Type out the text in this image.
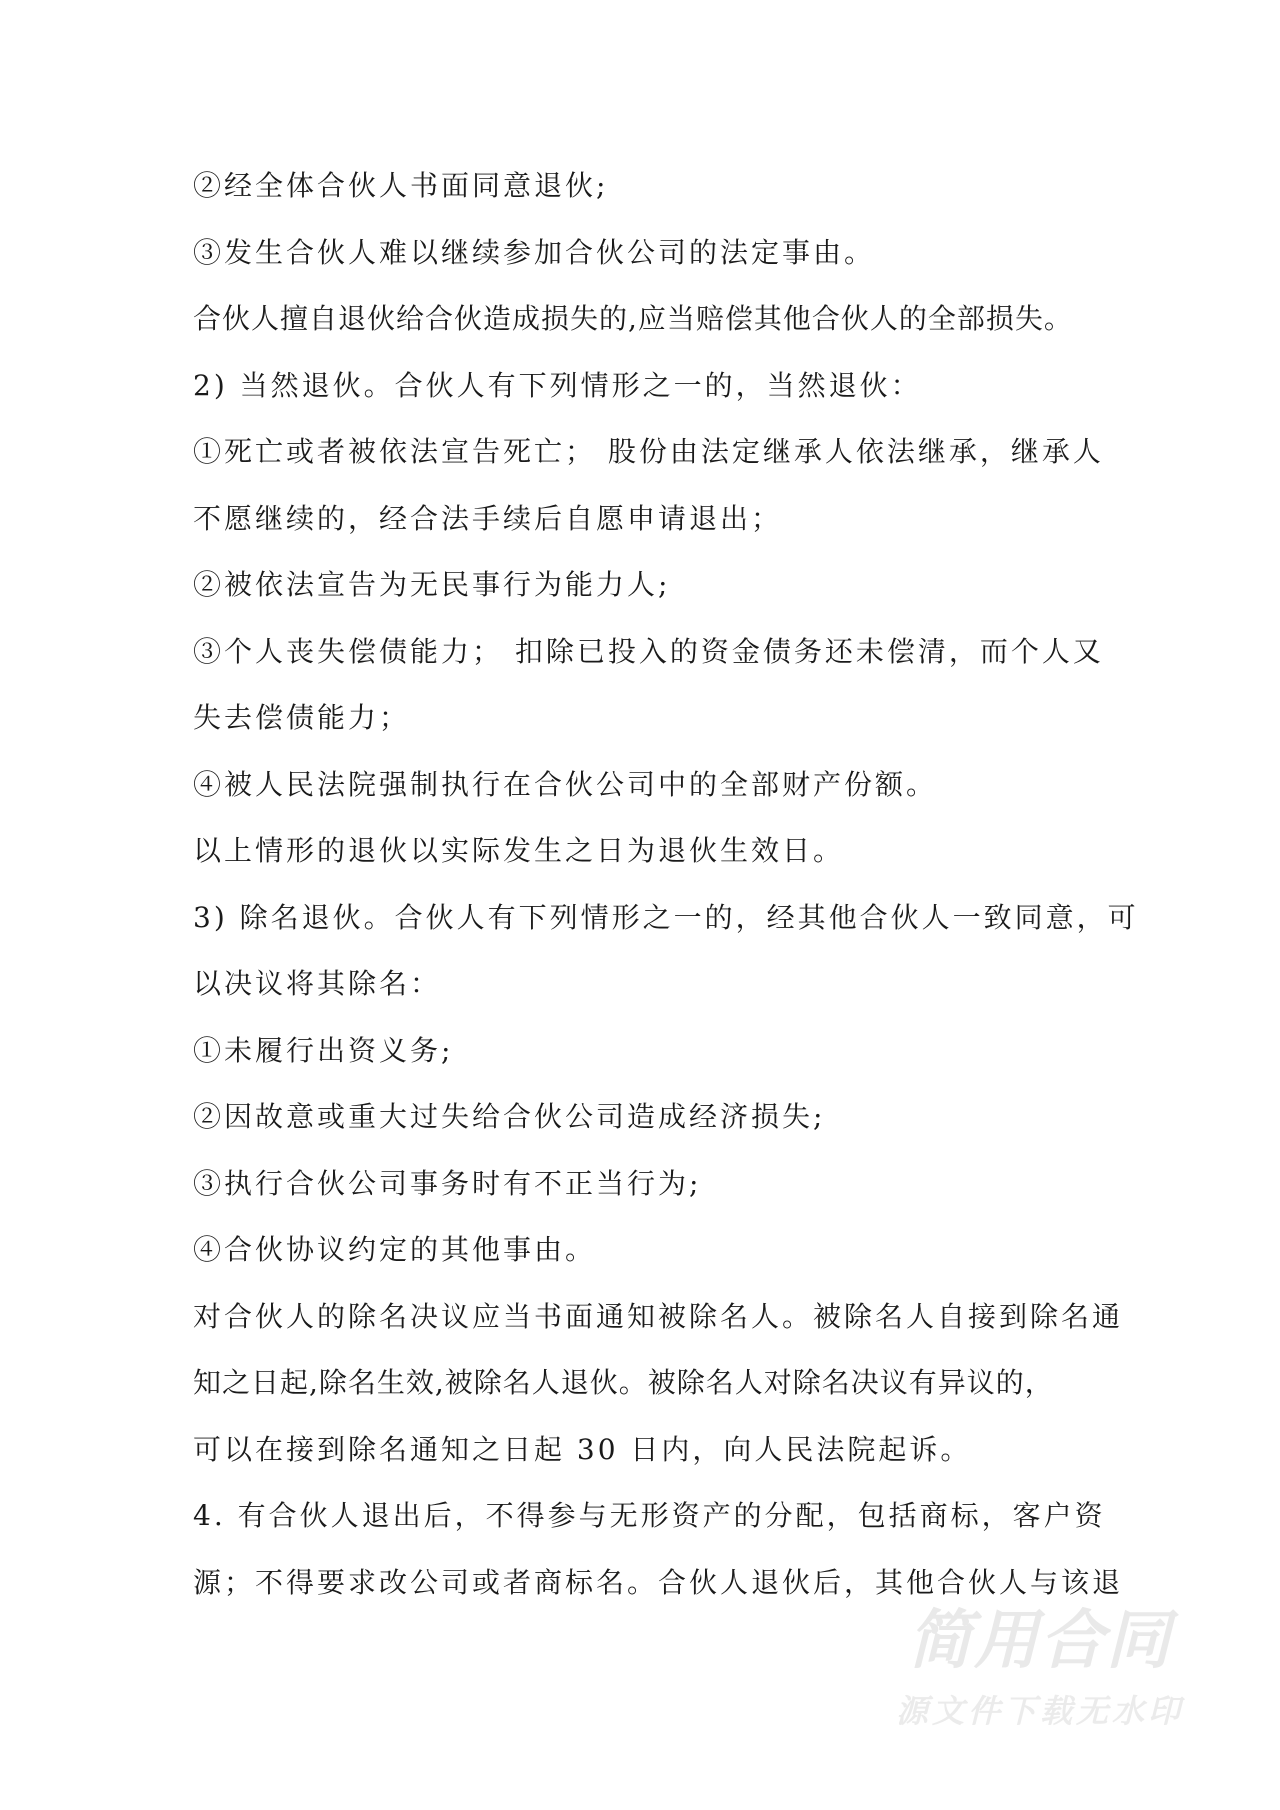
②经全体合伙人书面同意退伙;
③发生合伙人难以继续参加合伙公司的法定事由。
合伙人擅自退伙给合伙造成损失的,应当赔偿其他合伙人的全部损失。
2) 当然退伙。合伙人有下列情形之一的，当然退伙：
①死亡或者被依法宣告死亡； 股份由法定继承人依法继承，继承人
不愿继续的，经合法手续后自愿申请退出；
②被依法宣告为无民事行为能力人;
③个人丧失偿债能力； 扣除已投入的资金债务还未偿清，而个人又
失去偿债能力；
④被人民法院强制执行在合伙公司中的全部财产份额。
以上情形的退伙以实际发生之日为退伙生效日。
3) 除名退伙。合伙人有下列情形之一的，经其他合伙人一致同意，可
以决议将其除名：
①未履行出资义务;
②因故意或重大过失给合伙公司造成经济损失;
③执行合伙公司事务时有不正当行为;
④合伙协议约定的其他事由。
对合伙人的除名决议应当书面通知被除名人。被除名人自接到除名通
知之日起,除名生效,被除名人退伙。被除名人对除名决议有异议的，
可以在接到除名通知之日起 30 日内，向人民法院起诉。
4. 有合伙人退出后，不得参与无形资产的分配，包括商标，客户资
源；不得要求改公司或者商标名。合伙人退伙后，其他合伙人与该退
简用合同
源文件下载无水印
